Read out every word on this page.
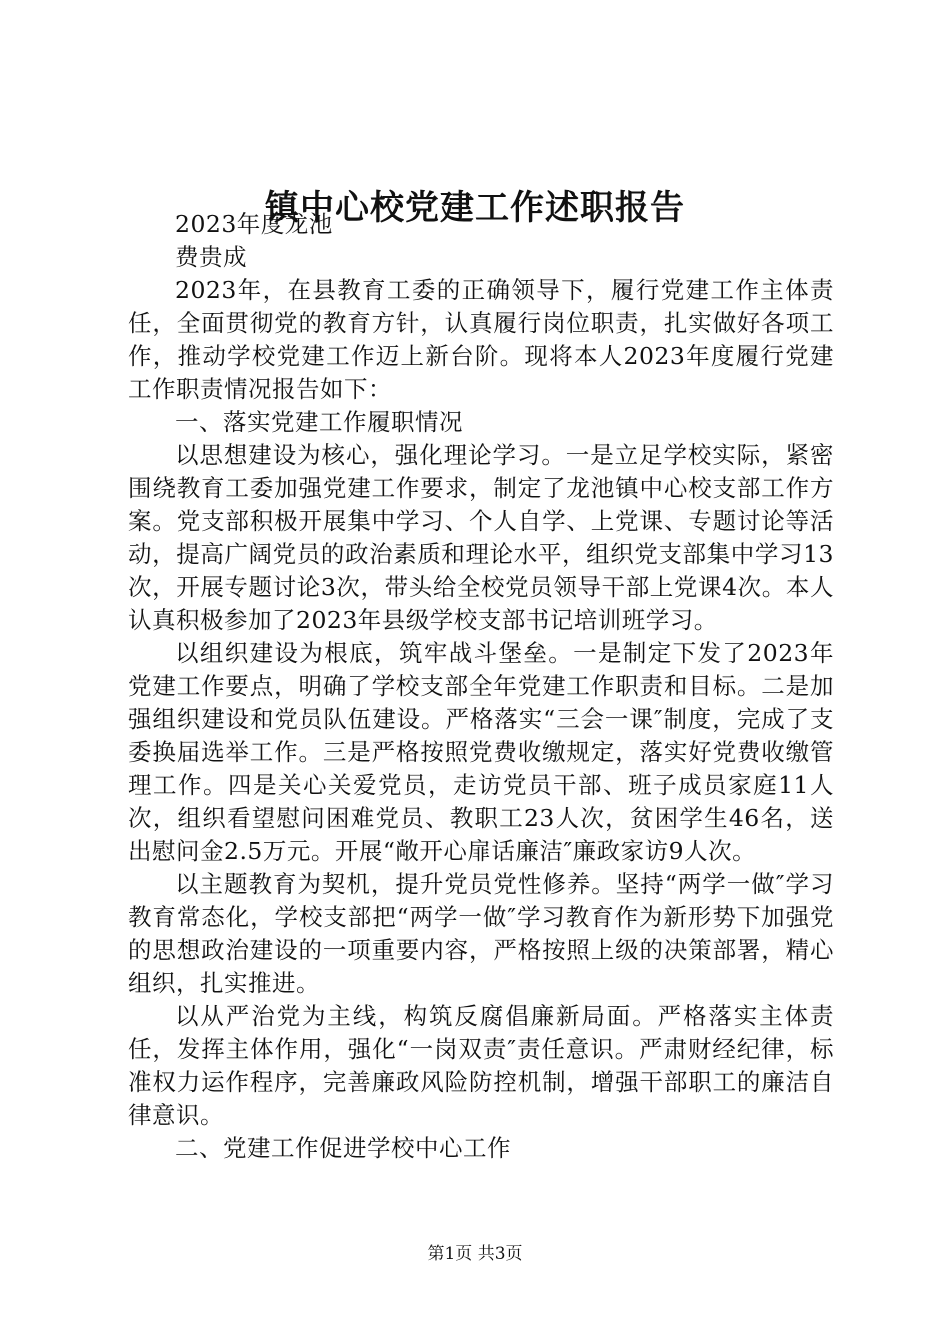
镇中心校党建工作述职报告

2023年度龙池

费贵成

2023年，在县教育工委的正确领导下，履行党建工作主体责任，全面贯彻党的教育方针，认真履行岗位职责，扎实做好各项工作，推动学校党建工作迈上新台阶。现将本人2023年度履行党建工作职责情况报告如下：

一、落实党建工作履职情况

以思想建设为核心，强化理论学习。一是立足学校实际，紧密围绕教育工委加强党建工作要求，制定了龙池镇中心校支部工作方案。党支部积极开展集中学习、个人自学、上党课、专题讨论等活动，提高广阔党员的政治素质和理论水平，组织党支部集中学习13次，开展专题讨论3次，带头给全校党员领导干部上党课4次。本人认真积极参加了2023年县级学校支部书记培训班学习。

以组织建设为根底，筑牢战斗堡垒。一是制定下发了2023年党建工作要点，明确了学校支部全年党建工作职责和目标。二是加强组织建设和党员队伍建设。严格落实“三会一课″制度，完成了支委换届选举工作。三是严格按照党费收缴规定，落实好党费收缴管理工作。四是关心关爱党员，走访党员干部、班子成员家庭11人次，组织看望慰问困难党员、教职工23人次，贫困学生46名，送出慰问金2.5万元。开展“敞开心扉话廉洁″廉政家访9人次。

以主题教育为契机，提升党员党性修养。坚持“两学一做″学习教育常态化，学校支部把“两学一做″学习教育作为新形势下加强党的思想政治建设的一项重要内容，严格按照上级的决策部署，精心组织，扎实推进。

以从严治党为主线，构筑反腐倡廉新局面。严格落实主体责任，发挥主体作用，强化“一岗双责″责任意识。严肃财经纪律，标准权力运作程序，完善廉政风险防控机制，增强干部职工的廉洁自律意识。

二、党建工作促进学校中心工作

第1页 共3页
